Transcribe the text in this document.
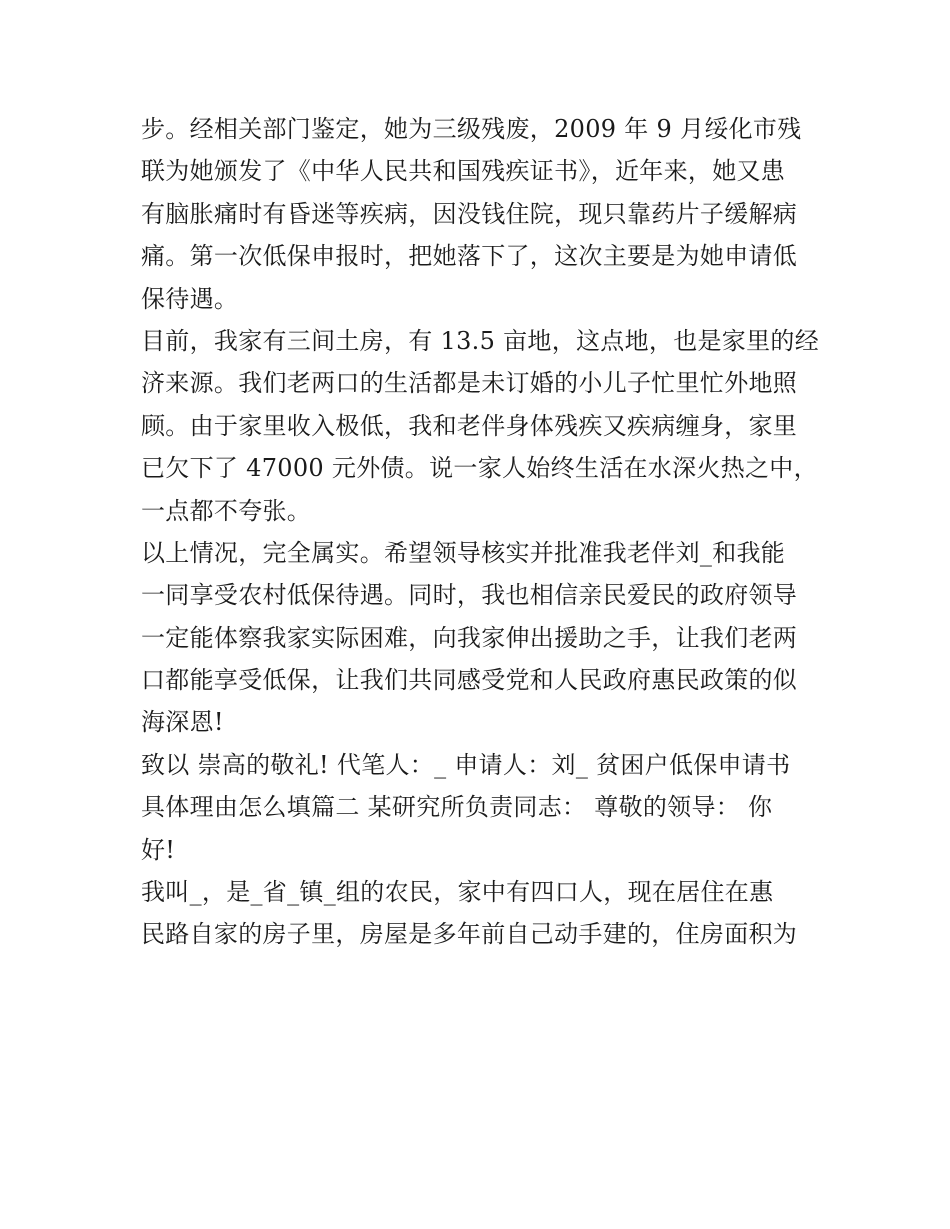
步。经相关部门鉴定，她为三级残废，2009 年 9 月绥化市残
联为她颁发了《中华人民共和国残疾证书》，近年来，她又患
有脑胀痛时有昏迷等疾病，因没钱住院，现只靠药片子缓解病
痛。第一次低保申报时，把她落下了，这次主要是为她申请低
保待遇。
目前，我家有三间土房，有 13.5 亩地，这点地，也是家里的经
济来源。我们老两口的生活都是未订婚的小儿子忙里忙外地照
顾。由于家里收入极低，我和老伴身体残疾又疾病缠身，家里
已欠下了 47000 元外债。说一家人始终生活在水深火热之中，
一点都不夸张。
以上情况，完全属实。希望领导核实并批准我老伴刘_和我能
一同享受农村低保待遇。同时，我也相信亲民爱民的政府领导
一定能体察我家实际困难，向我家伸出援助之手，让我们老两
口都能享受低保，让我们共同感受党和人民政府惠民政策的似
海深恩!
致以 崇高的敬礼! 代笔人：_ 申请人：刘_ 贫困户低保申请书
具体理由怎么填篇二 某研究所负责同志： 尊敬的领导： 你
好!
我叫_，是_省_镇_组的农民，家中有四口人，现在居住在惠
民路自家的房子里，房屋是多年前自己动手建的，住房面积为
